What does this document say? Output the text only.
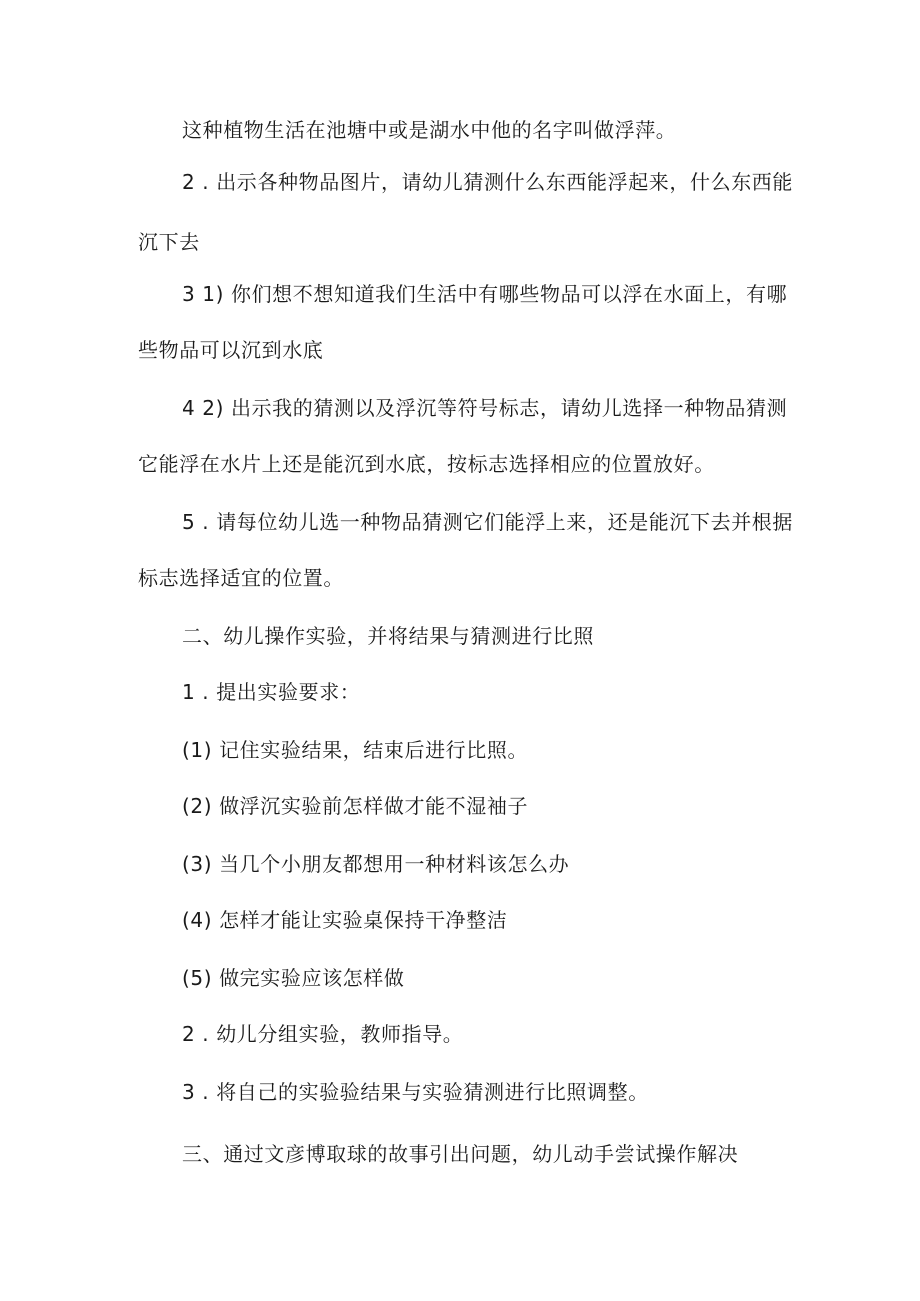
这种植物生活在池塘中或是湖水中他的名字叫做浮萍。
2 . 出示各种物品图片，请幼儿猜测什么东西能浮起来，什么东西能
沉下去
3 1) 你们想不想知道我们生活中有哪些物品可以浮在水面上，有哪
些物品可以沉到水底
4 2) 出示我的猜测以及浮沉等符号标志，请幼儿选择一种物品猜测
它能浮在水片上还是能沉到水底，按标志选择相应的位置放好。
5 . 请每位幼儿选一种物品猜测它们能浮上来，还是能沉下去并根据
标志选择适宜的位置。
二、幼儿操作实验，并将结果与猜测进行比照
1 . 提出实验要求：
(1) 记住实验结果，结束后进行比照。
(2) 做浮沉实验前怎样做才能不湿袖子
(3) 当几个小朋友都想用一种材料该怎么办
(4) 怎样才能让实验桌保持干净整洁
(5) 做完实验应该怎样做
2 . 幼儿分组实验，教师指导。
3 . 将自己的实验验结果与实验猜测进行比照调整。
三、通过文彦博取球的故事引出问题，幼儿动手尝试操作解决
